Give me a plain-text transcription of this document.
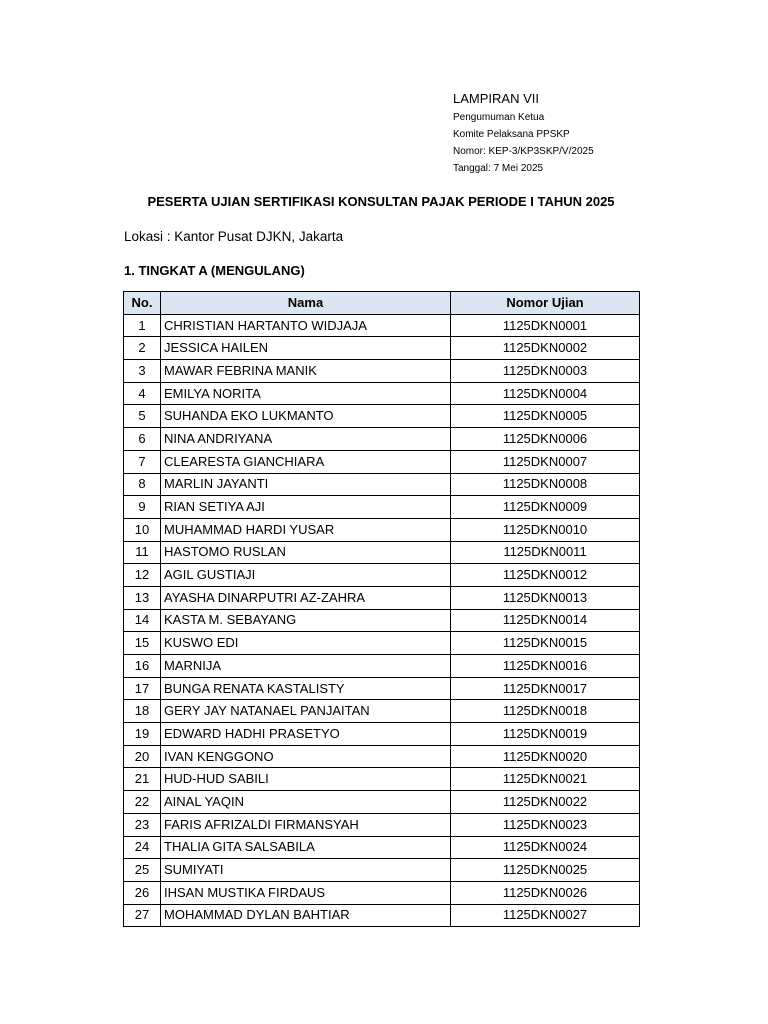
LAMPIRAN VII
Pengumuman Ketua
Komite Pelaksana PPSKP
Nomor: KEP-3/KP3SKP/V/2025
Tanggal: 7 Mei 2025
PESERTA UJIAN SERTIFIKASI KONSULTAN PAJAK PERIODE I TAHUN 2025
Lokasi : Kantor Pusat DJKN, Jakarta
1. TINGKAT A (MENGULANG)
No.	Nama	Nomor Ujian
1	CHRISTIAN HARTANTO WIDJAJA	1125DKN0001
2	JESSICA HAILEN	1125DKN0002
3	MAWAR FEBRINA MANIK	1125DKN0003
4	EMILYA NORITA	1125DKN0004
5	SUHANDA EKO LUKMANTO	1125DKN0005
6	NINA ANDRIYANA	1125DKN0006
7	CLEARESTA GIANCHIARA	1125DKN0007
8	MARLIN JAYANTI	1125DKN0008
9	RIAN SETIYA AJI	1125DKN0009
10	MUHAMMAD HARDI YUSAR	1125DKN0010
11	HASTOMO RUSLAN	1125DKN0011
12	AGIL GUSTIAJI	1125DKN0012
13	AYASHA DINARPUTRI AZ-ZAHRA	1125DKN0013
14	KASTA M. SEBAYANG	1125DKN0014
15	KUSWO EDI	1125DKN0015
16	MARNIJA	1125DKN0016
17	BUNGA RENATA KASTALISTY	1125DKN0017
18	GERY JAY NATANAEL PANJAITAN	1125DKN0018
19	EDWARD HADHI PRASETYO	1125DKN0019
20	IVAN KENGGONO	1125DKN0020
21	HUD-HUD SABILI	1125DKN0021
22	AINAL YAQIN	1125DKN0022
23	FARIS AFRIZALDI FIRMANSYAH	1125DKN0023
24	THALIA GITA SALSABILA	1125DKN0024
25	SUMIYATI	1125DKN0025
26	IHSAN MUSTIKA FIRDAUS	1125DKN0026
27	MOHAMMAD DYLAN BAHTIAR	1125DKN0027
